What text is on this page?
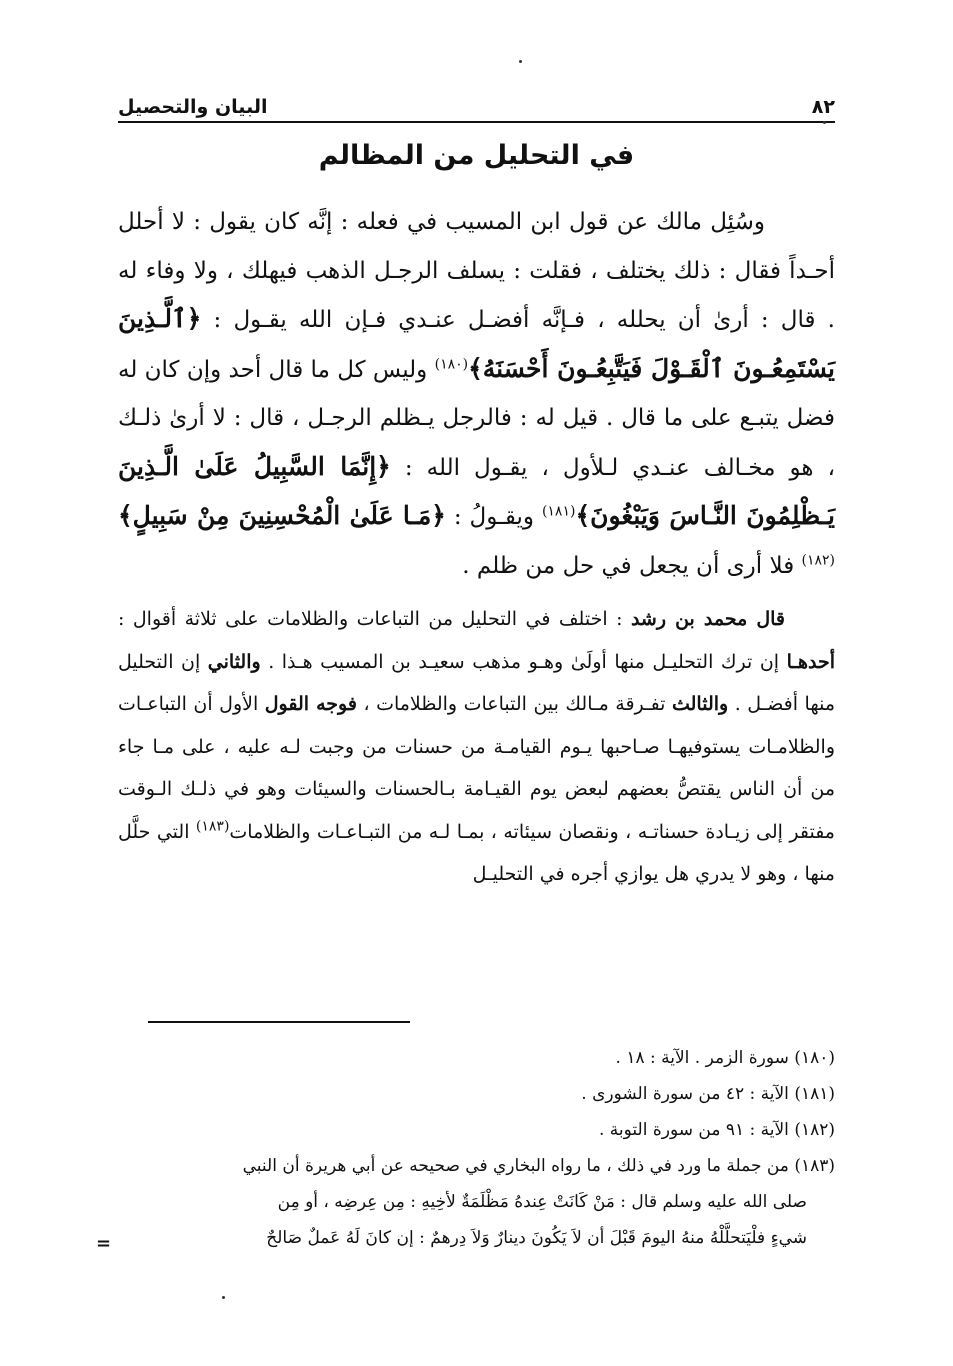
٨٢
البيان والتحصيل
في التحليل من المظالم

وسُئِل مالك عن قول ابن المسيب في فعله : إنَّه كان يقول : لا أحلل أحـداً فقال : ذلك يختلف ، فقلت : يسلف الرجـل الذهب فيهلك ، ولا وفاء له . قال : أرىٰ أن يحلله ، فـإنَّه أفضـل عنـدي فـإن الله يقـول : ﴿ٱلَّـذِينَ يَسْتَمِعُـونَ ٱلْقَـوْلَ فَيَتَّبِعُـونَ أَحْسَنَهُ﴾$^{(١٨٠)}$ وليس كل ما قال أحد وإن كان له فضل يتبـع على ما قال . قيل له : فالرجل يـظلم الرجـل ، قال : لا أرىٰ ذلـك ، هو مخـالف عنـدي لـلأول ، يقـول الله : ﴿إِنَّمَا السَّبِيلُ عَلَىٰ الَّـذِينَ يَـظْلِمُونَ النَّـاسَ وَيَبْغُونَ﴾$^{(١٨١)}$ ويقـولُ : ﴿مَـا عَلَىٰ الْمُحْسِنِينَ مِنْ سَبِيلٍ﴾$^{(١٨٢)}$ فلا أرى أن يجعل في حل من ظلم .

قال محمد بن رشد : اختلف في التحليل من التباعات والظلامات على ثلاثة أقوال : أحدهـا إن ترك التحليـل منها أولَىٰ وهـو مذهب سعيـد بن المسيب هـذا . والثاني إن التحليل منها أفضـل . والثالث تفـرقة مـالك بين التباعات والظلامات ، فوجه القول الأول أن التباعـات والظلامـات يستوفيهـا صـاحبها يـوم القيامـة من حسنات من وجبت لـه عليه ، على مـا جاء من أن الناس يقتصُّ بعضهم لبعض يوم القيـامة بـالحسنات والسيئات وهو في ذلـك الـوقت مفتقر إلى زيـادة حسناتـه ، ونقصان سيئاته ، بمـا لـه من التبـاعـات والظلامات$^{(١٨٣)}$ التي حلَّل منها ، وهو لا يدري هل يوازي أجره في التحليـل

(١٨٠) سورة الزمر . الآية : ١٨ .

(١٨١) الآية : ٤٢ من سورة الشورى .

(١٨٢) الآية : ٩١ من سورة التوبة .

(١٨٣) من جملة ما ورد في ذلك ، ما رواه البخاري في صحيحه عن أبي هريرة أن النبي

صلى الله عليه وسلم قال : مَنْ كَانَتْ عِندهُ مَظْلَمَةٌ لأخِيهِ : مِن عِرضِه ، أو مِن

شيءٍ فلْيَتحلَّلْهُ منهُ اليومَ قَبْلَ أن لاَ يَكُونَ دينارٌ وَلاَ دِرهمٌ : إن كانَ لَهُ عَملٌ صَالحٌ

=
